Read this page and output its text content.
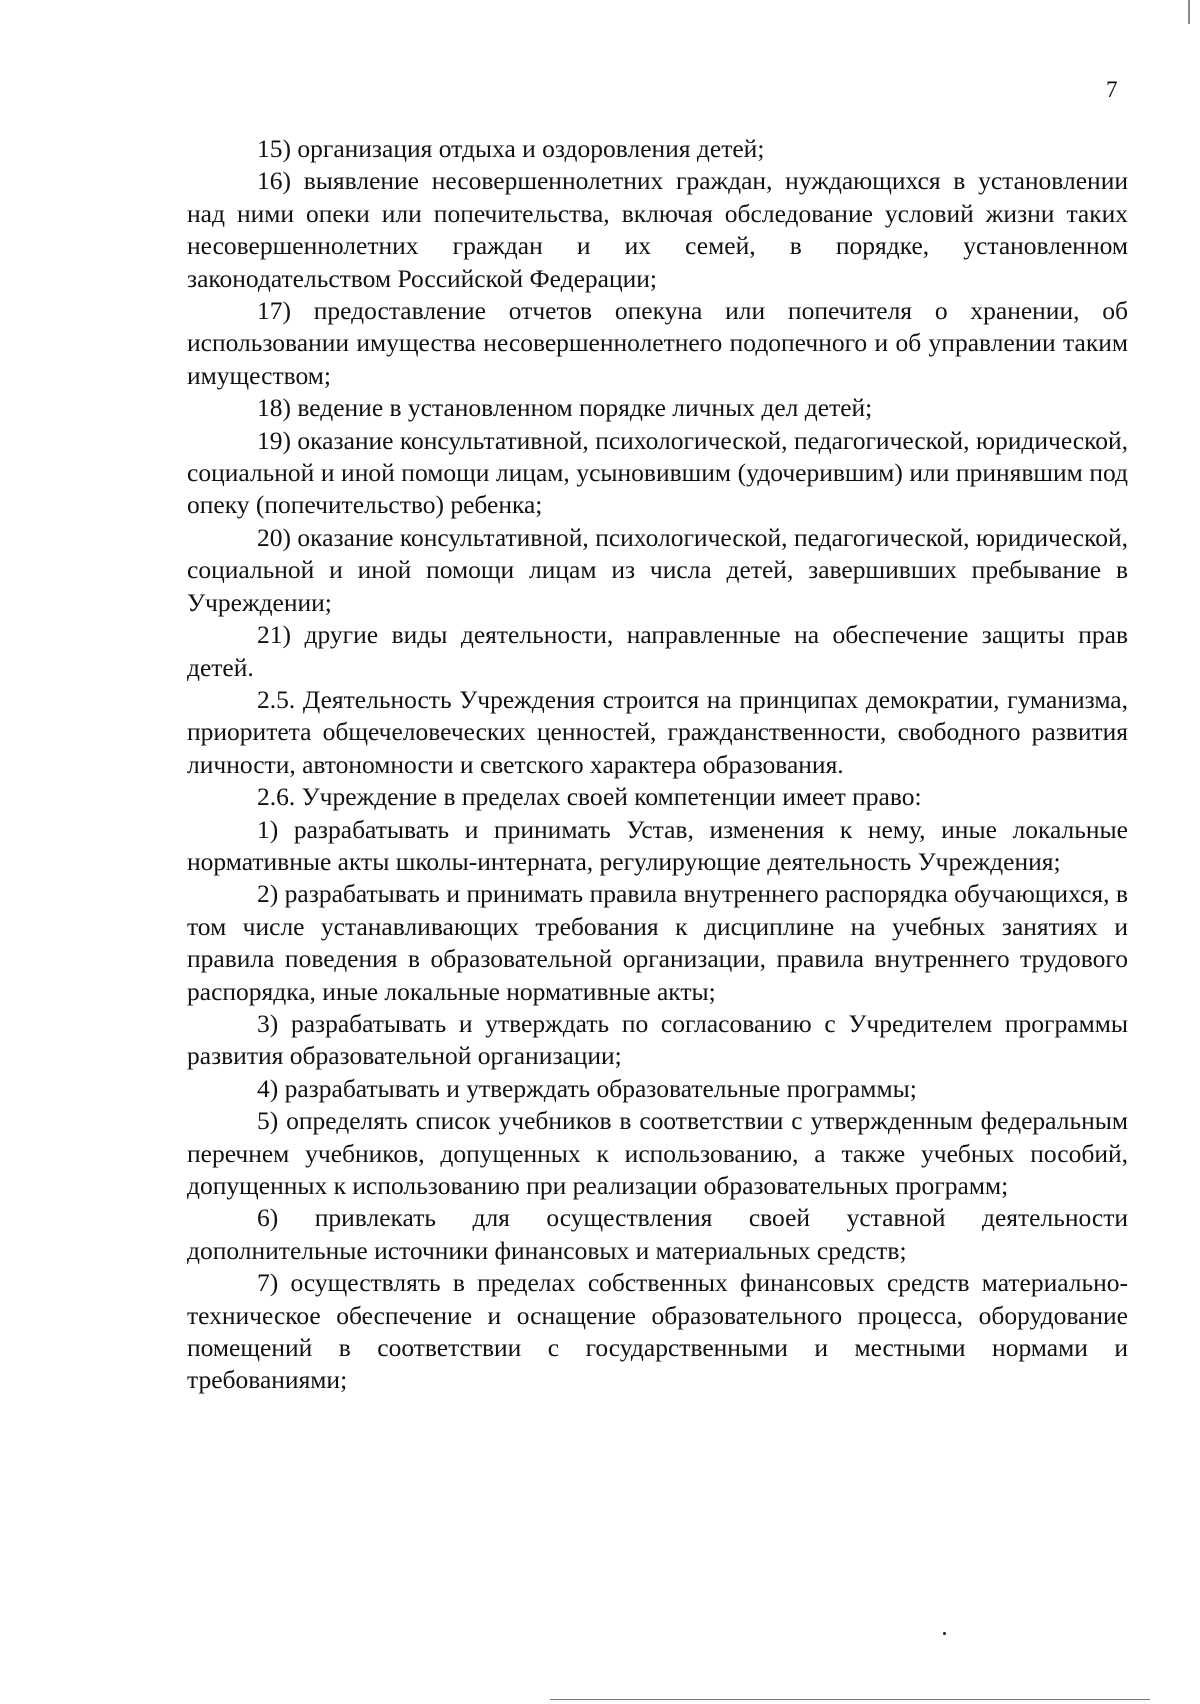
7

15) организация отдыха и оздоровления детей;

16) выявление несовершеннолетних граждан, нуждающихся в установлении над ними опеки или попечительства, включая обследование условий жизни таких несовершеннолетних граждан и их семей, в порядке, установленном законодательством Российской Федерации;

17) предоставление отчетов опекуна или попечителя о хранении, об использовании имущества несовершеннолетнего подопечного и об управлении таким имуществом;

18) ведение в установленном порядке личных дел детей;

19) оказание консультативной, психологической, педагогической, юридической, социальной и иной помощи лицам, усыновившим (удочерившим) или принявшим под опеку (попечительство) ребенка;

20) оказание консультативной, психологической, педагогической, юридической, социальной и иной помощи лицам из числа детей, завершивших пребывание в Учреждении;

21) другие виды деятельности, направленные на обеспечение защиты прав детей.

2.5. Деятельность Учреждения строится на принципах демократии, гуманизма, приоритета общечеловеческих ценностей, гражданственности, свободного развития личности, автономности и светского характера образования.

2.6. Учреждение в пределах своей компетенции имеет право:

1) разрабатывать и принимать Устав, изменения к нему, иные локальные нормативные акты школы-интерната, регулирующие деятельность Учреждения;

2) разрабатывать и принимать правила внутреннего распорядка обучающихся, в том числе устанавливающих требования к дисциплине на учебных занятиях и правила поведения в образовательной организации, правила внутреннего трудового распорядка, иные локальные нормативные акты;

3) разрабатывать и утверждать по согласованию с Учредителем программы развития образовательной организации;

4) разрабатывать и утверждать образовательные программы;

5) определять список учебников в соответствии с утвержденным федеральным перечнем учебников, допущенных к использованию, а также учебных пособий, допущенных к использованию при реализации образовательных программ;

6) привлекать для осуществления своей уставной деятельности дополнительные источники финансовых и материальных средств;

7) осуществлять в пределах собственных финансовых средств материально-техническое обеспечение и оснащение образовательного процесса, оборудование помещений в соответствии с государственными и местными нормами и требованиями;
